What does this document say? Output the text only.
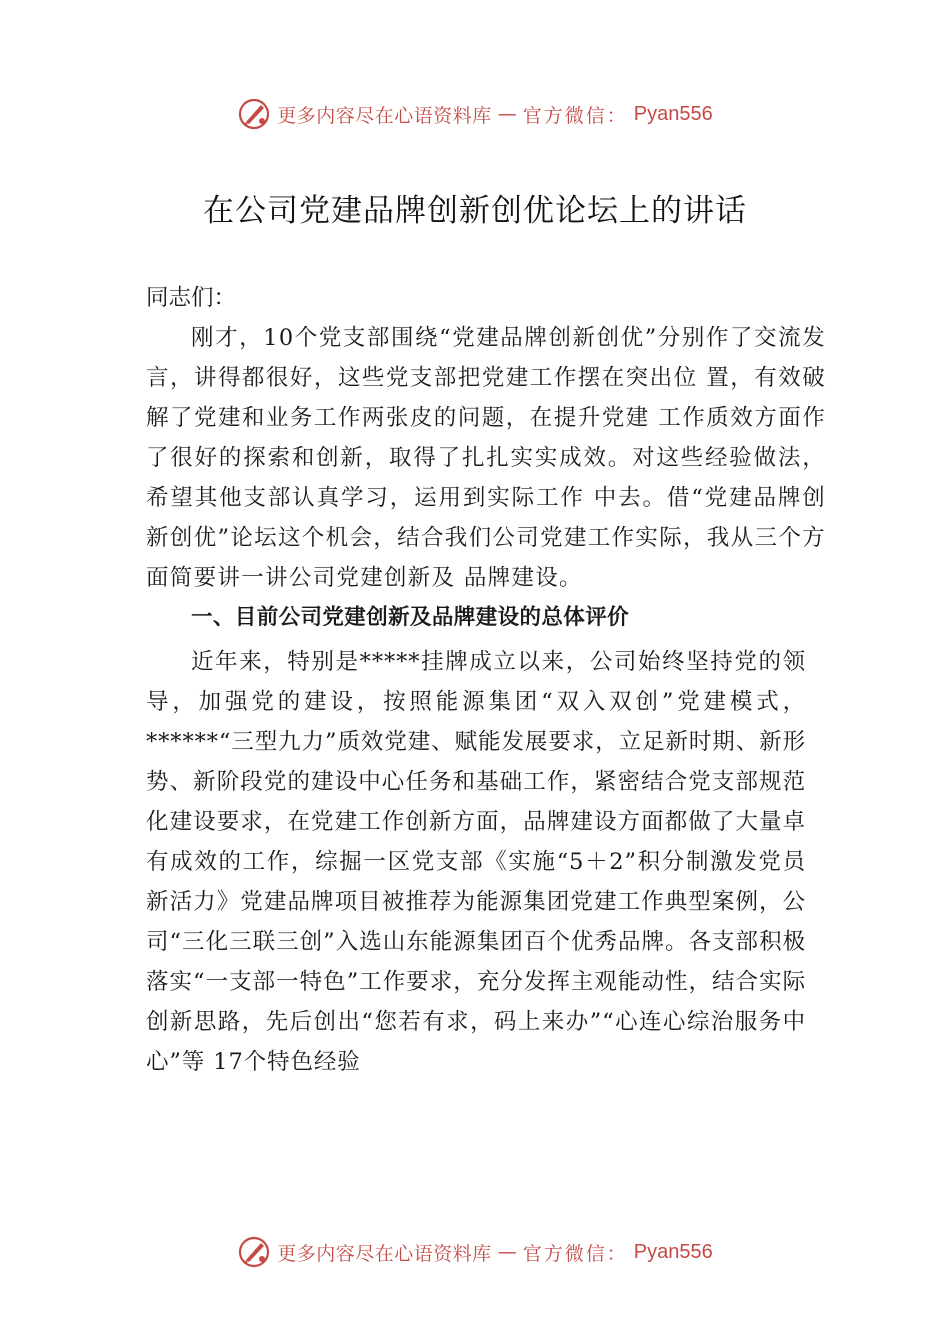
更多内容尽在心语资料库 — 官方微信： Pyan556
在公司党建品牌创新创优论坛上的讲话

同志们：

刚才，10个党支部围绕“党建品牌创新创优”分别作了交流发言，讲得都很好，这些党支部把党建工作摆在突出位 置，有效破解了党建和业务工作两张皮的问题，在提升党建 工作质效方面作了很好的探索和创新，取得了扎扎实实成效。对这些经验做法，希望其他支部认真学习，运用到实际工作 中去。借“党建品牌创新创优”论坛这个机会，结合我们公司党建工作实际，我从三个方面简要讲一讲公司党建创新及 品牌建设。

一、目前公司党建创新及品牌建设的总体评价

近年来，特别是*****挂牌成立以来，公司始终坚持党的领导，加强党的建设，按照能源集团“双入双创”党建模式，******“三型九力”质效党建、赋能发展要求，立足新时期、新形势、新阶段党的建设中心任务和基础工作，紧密结合党支部规范化建设要求，在党建工作创新方面，品牌建设方面都做了大量卓有成效的工作，综掘一区党支部《实施“5＋2”积分制激发党员新活力》党建品牌项目被推荐为能源集团党建工作典型案例，公司“三化三联三创”入选山东能源集团百个优秀品牌。各支部积极落实“一支部一特色”工作要求，充分发挥主观能动性，结合实际创新思路，先后创出“您若有求，码上来办”“心连心综治服务中心”等 17个特色经验

更多内容尽在心语资料库 — 官方微信： Pyan556
